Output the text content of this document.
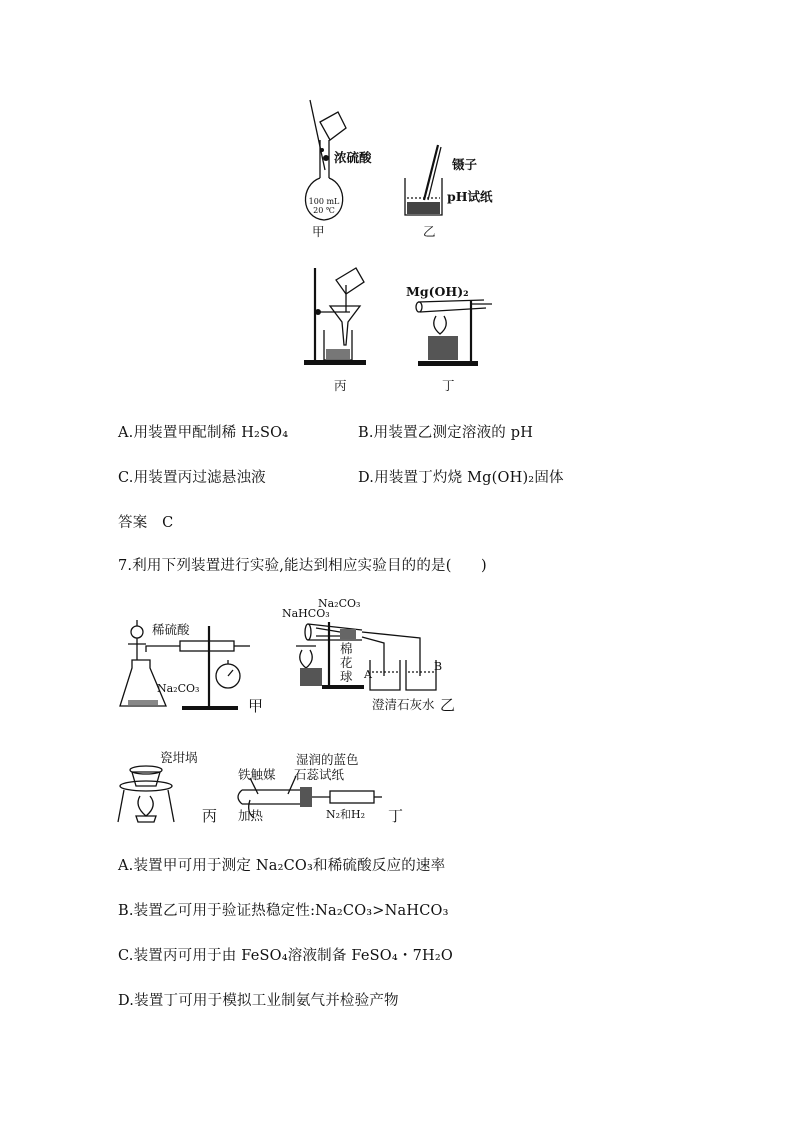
浓硫酸
100 mL
20 ℃
甲
镊子
pH试纸
乙
丙
Mg(OH)₂
丁
A.用装置甲配制稀 H₂SO₄	B.用装置乙测定溶液的 pH
C.用装置丙过滤悬浊液	D.用装置丁灼烧 Mg(OH)₂固体
答案　C
7.利用下列装置进行实验,能达到相应实验目的的是(　　)
稀硫酸
Na₂CO₃
甲
Na₂CO₃
NaHCO₃
棉花球 A
B
澄清石灰水 乙
瓷坩埚
丙
铁触媒
加热
湿润的蓝色
石蕊试纸
N₂和H₂ 丁
A.装置甲可用于测定 Na₂CO₃和稀硫酸反应的速率
B.装置乙可用于验证热稳定性:Na₂CO₃>NaHCO₃
C.装置丙可用于由 FeSO₄溶液制备 FeSO₄・7H₂O
D.装置丁可用于模拟工业制氨气并检验产物
